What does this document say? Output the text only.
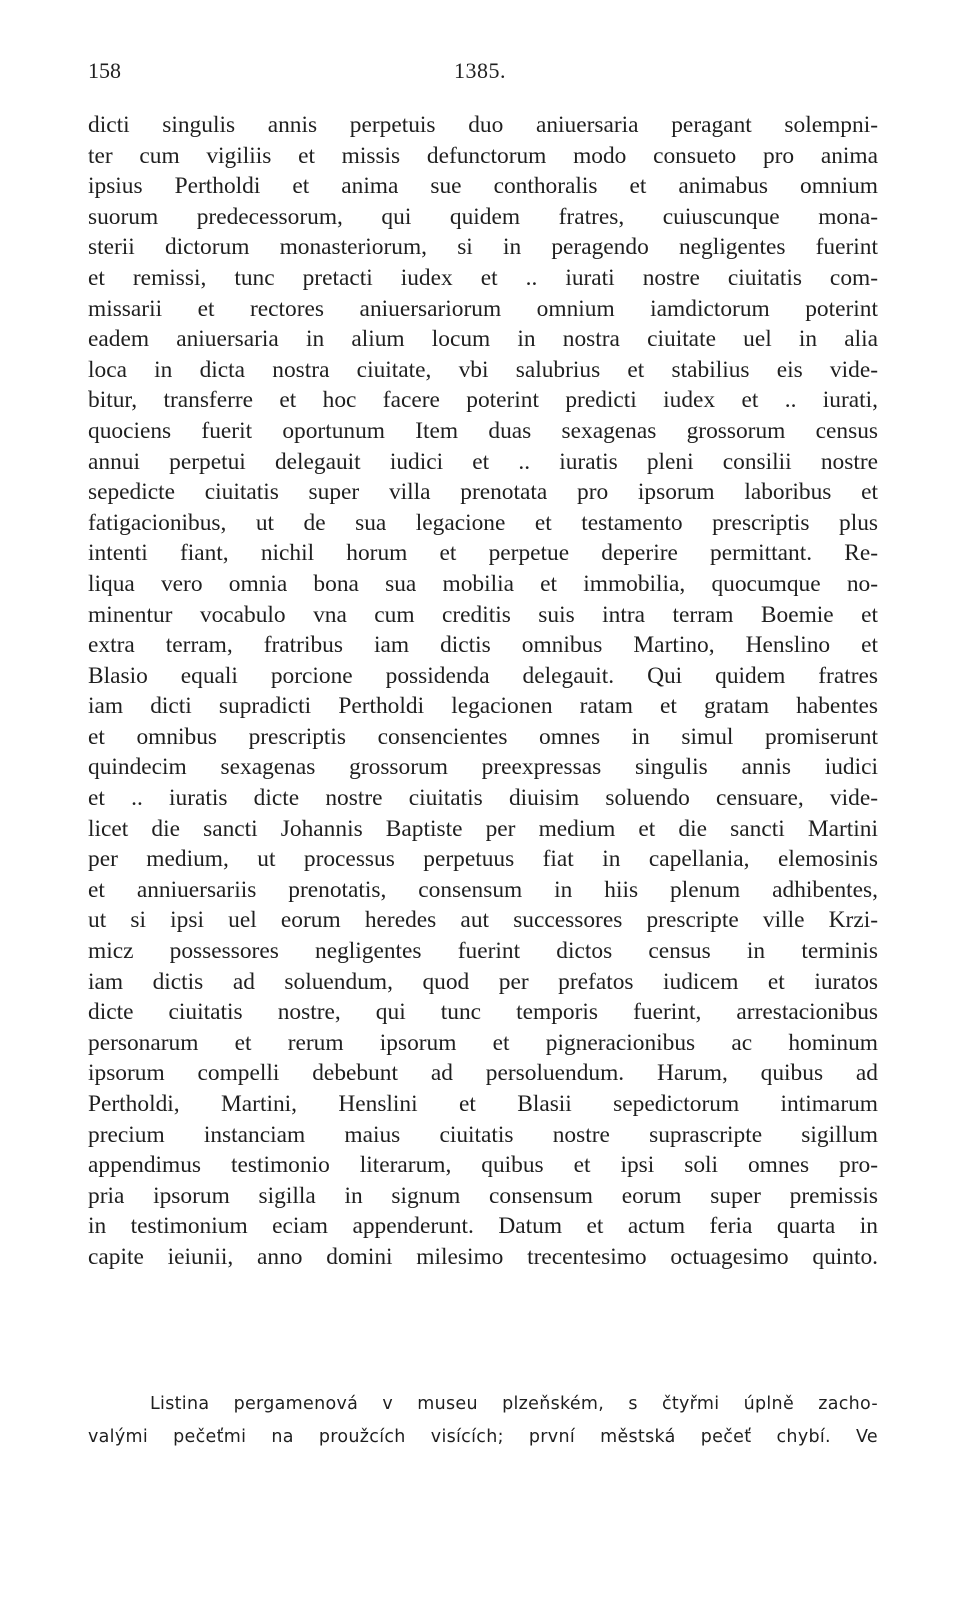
158	1385.
dicti singulis annis perpetuis duo aniuersaria peragant solempni-
ter cum vigiliis et missis defunctorum modo consueto pro anima
ipsius Pertholdi et anima sue conthoralis et animabus omnium
suorum predecessorum, qui quidem fratres, cuiuscunque mona-
sterii dictorum monasteriorum, si in peragendo negligentes fuerint
et remissi, tunc pretacti iudex et .. iurati nostre ciuitatis com-
missarii et rectores aniuersariorum omnium iamdictorum poterint
eadem aniuersaria in alium locum in nostra ciuitate uel in alia
loca in dicta nostra ciuitate, vbi salubrius et stabilius eis vide-
bitur, transferre et hoc facere poterint predicti iudex et .. iurati,
quociens fuerit oportunum Item duas sexagenas grossorum census
annui perpetui delegauit iudici et .. iuratis pleni consilii nostre
sepedicte ciuitatis super villa prenotata pro ipsorum laboribus et
fatigacionibus, ut de sua legacione et testamento prescriptis plus
intenti fiant, nichil horum et perpetue deperire permittant. Re-
liqua vero omnia bona sua mobilia et immobilia, quocumque no-
minentur vocabulo vna cum creditis suis intra terram Boemie et
extra terram, fratribus iam dictis omnibus Martino, Henslino et
Blasio equali porcione possidenda delegauit. Qui quidem fratres
iam dicti supradicti Pertholdi legacionen ratam et gratam habentes
et omnibus prescriptis consencientes omnes in simul promiserunt
quindecim sexagenas grossorum preexpressas singulis annis iudici
et .. iuratis dicte nostre ciuitatis diuisim soluendo censuare, vide-
licet die sancti Johannis Baptiste per medium et die sancti Martini
per medium, ut processus perpetuus fiat in capellania, elemosinis
et anniuersariis prenotatis, consensum in hiis plenum adhibentes,
ut si ipsi uel eorum heredes aut successores prescripte ville Krzi-
micz possessores negligentes fuerint dictos census in terminis
iam dictis ad soluendum, quod per prefatos iudicem et iuratos
dicte ciuitatis nostre, qui tunc temporis fuerint, arrestacionibus
personarum et rerum ipsorum et pigneracionibus ac hominum
ipsorum compelli debebunt ad persoluendum. Harum, quibus ad
Pertholdi, Martini, Henslini et Blasii sepedictorum intimarum
precium instanciam maius ciuitatis nostre suprascripte sigillum
appendimus testimonio literarum, quibus et ipsi soli omnes pro-
pria ipsorum sigilla in signum consensum eorum super premissis
in testimonium eciam appenderunt. Datum et actum feria quarta in
capite ieiunii, anno domini milesimo trecentesimo octuagesimo quinto.
Listina pergamenová v museu plzeňském, s čtyřmi úplně zacho-
valými pečeťmi na proužcích visících; první městská pečeť chybí. Ve
